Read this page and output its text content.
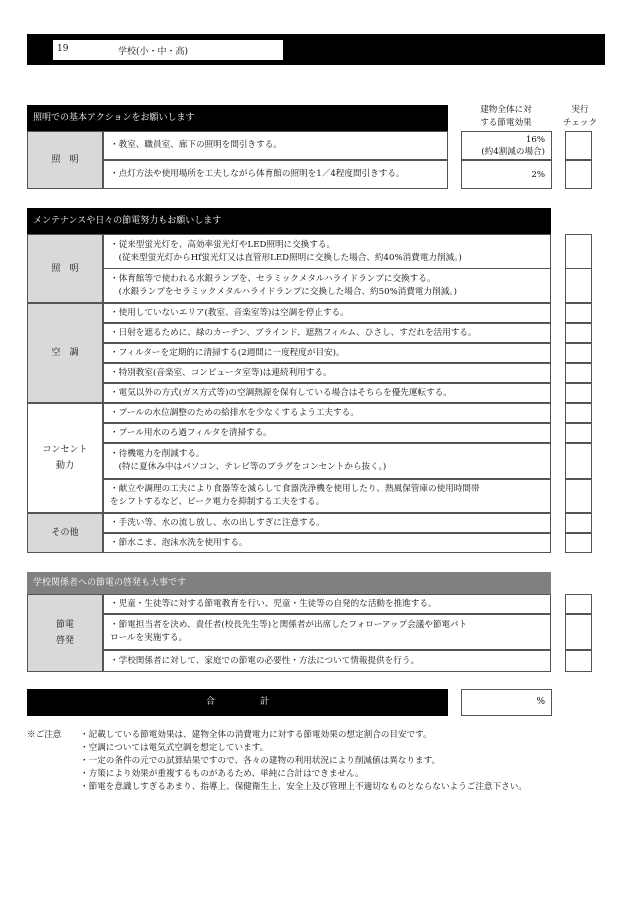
19	学校(小・中・高)
照明での基本アクションをお願いします
建物全体に対
する節電効果
実行
チェック
照　明
・教室、職員室、廊下の照明を間引きする。
・点灯方法や使用場所を工夫しながら体育館の照明を1／4程度間引きする。
16%
(約4割減の場合)
2%
メンテナンスや日々の節電努力もお願いします
照　明
空　調
コンセント
動力
その他
・従来型蛍光灯を、高効率蛍光灯やLED照明に交換する。
　(従来型蛍光灯からHf蛍光灯又は直管形LED照明に交換した場合、約40%消費電力削減。)
・体育館等で使われる水銀ランプを、セラミックメタルハライドランプに交換する。
　(水銀ランプをセラミックメタルハライドランプに交換した場合、約50%消費電力削減。)
・使用していないエリア(教室、音楽室等)は空調を停止する。
・日射を遮るために、緑のカーテン、ブラインド、遮熱フィルム、ひさし、すだれを活用する。
・フィルターを定期的に清掃する(2週間に一度程度が目安)。
・特別教室(音楽室、コンピュータ室等)は連続利用する。
・電気以外の方式(ガス方式等)の空調熱源を保有している場合はそちらを優先運転する。
・プールの水位調整のための給排水を少なくするよう工夫する。
・プール用水のろ過フィルタを清掃する。
・待機電力を削減する。
　(特に夏休み中はパソコン、テレビ等のプラグをコンセントから抜く。)
・献立や調理の工夫により食器等を減らして食器洗浄機を使用したり、熱風保管庫の使用時間帯
をシフトするなど、ピーク電力を抑制する工夫をする。
・手洗い等、水の流し放し、水の出しすぎに注意する。
・節水こま、泡沫水洗を使用する。
学校関係者への節電の啓発も大事です
節電
啓発
・児童・生徒等に対する節電教育を行い、児童・生徒等の自発的な活動を推進する。
・節電担当者を決め、責任者(校長先生等)と関係者が出席したフォローアップ会議や節電パト
ロールを実施する。
・学校関係者に対して、家庭での節電の必要性・方法について情報提供を行う。
合　　　　　計	%
※ご注意 ・記載している節電効果は、建物全体の消費電力に対する節電効果の想定割合の目安です。
・空調については電気式空調を想定しています。
・一定の条件の元での試算結果ですので、各々の建物の利用状況により削減値は異なります。
・方策により効果が重複するものがあるため、単純に合計はできません。
・節電を意識しすぎるあまり、指導上、保健衛生上、安全上及び管理上不適切なものとならないようご注意下さい。
